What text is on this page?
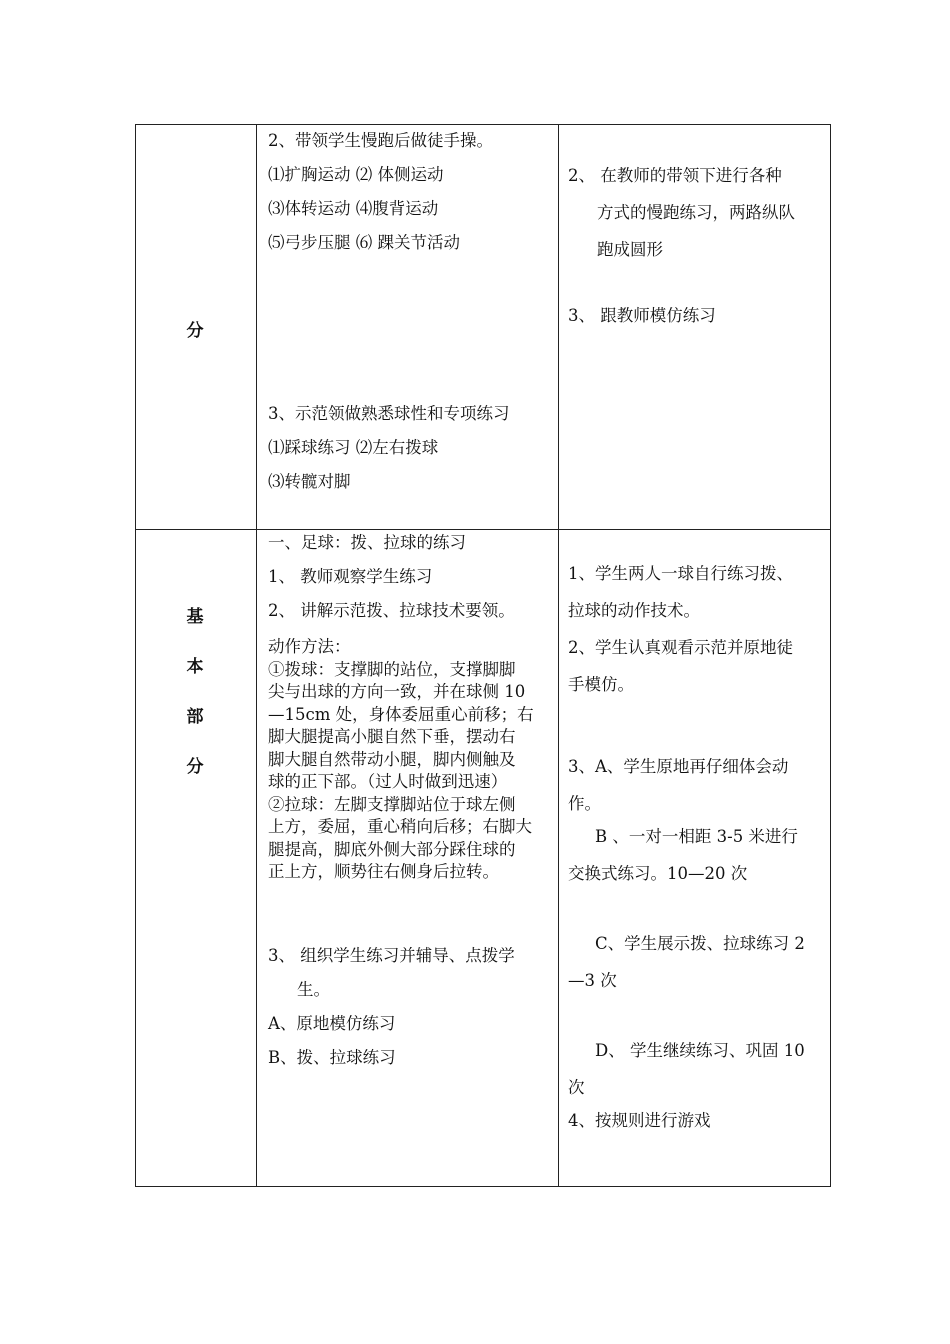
分
2、带领学生慢跑后做徒手操。
⑴扩胸运动 ⑵ 体侧运动
⑶体转运动 ⑷腹背运动
⑸弓步压腿 ⑹ 踝关节活动
3、示范领做熟悉球性和专项练习
⑴踩球练习 ⑵左右拨球
⑶转髋对脚
2、 在教师的带领下进行各种
方式的慢跑练习，两路纵队
跑成圆形
3、 跟教师模仿练习
基
本
部
分
一、足球：拨、拉球的练习
1、 教师观察学生练习
2、 讲解示范拨、拉球技术要领。
动作方法：
①拨球：支撑脚的站位，支撑脚脚
尖与出球的方向一致，并在球侧 10
—15cm 处，身体委屈重心前移；右
脚大腿提高小腿自然下垂，摆动右
脚大腿自然带动小腿，脚内侧触及
球的正下部。（过人时做到迅速）
②拉球：左脚支撑脚站位于球左侧
上方，委屈，重心稍向后移；右脚大
腿提高，脚底外侧大部分踩住球的
正上方，顺势往右侧身后拉转。
3、 组织学生练习并辅导、点拨学
生。
A、原地模仿练习
B、拨、拉球练习
1、学生两人一球自行练习拨、
拉球的动作技术。
2、学生认真观看示范并原地徒
手模仿。
3、A、学生原地再仔细体会动
作。
B 、一对一相距 3-5 米进行
交换式练习。10—20 次
C、学生展示拨、拉球练习 2
—3 次
D、 学生继续练习、巩固 10
次
4、按规则进行游戏
